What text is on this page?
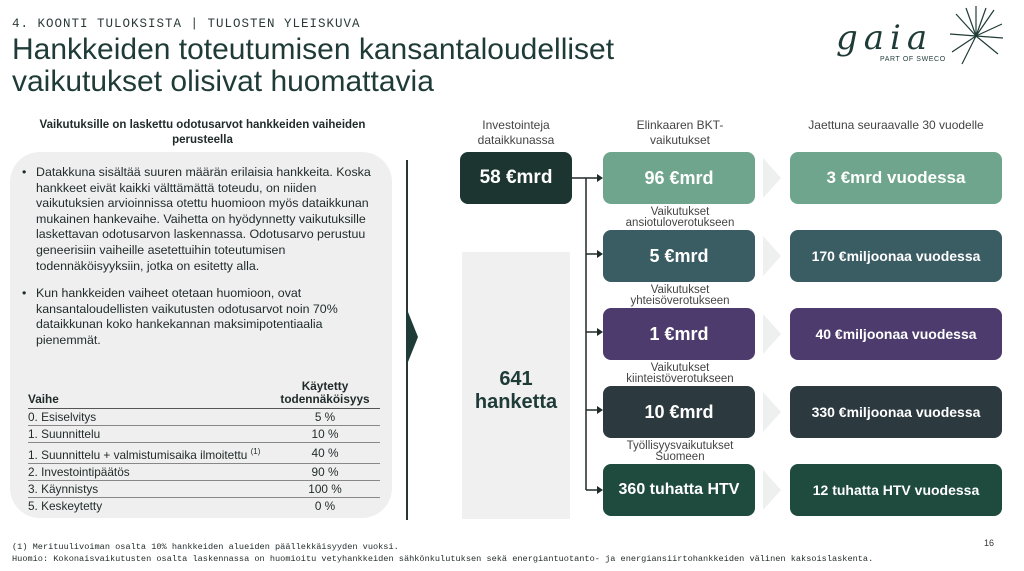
4. KOONTI TULOKSISTA | TULOSTEN YLEISKUVA
Hankkeiden toteutumisen kansantaloudelliset vaikutukset olisivat huomattavia
gaia
PART OF SWECO
Vaikutuksille on laskettu odotusarvot hankkeiden vaiheiden perusteella
• Datakkuna sisältää suuren määrän erilaisia hankkeita. Koska hankkeet eivät kaikki välttämättä toteudu, on niiden vaikutuksien arvioinnissa otettu huomioon myös dataikkunan mukainen hankevaihe. Vaihetta on hyödynnetty vaikutuksille laskettavan odotusarvon laskennassa. Odotusarvo perustuu geneerisiin vaiheille asetettuihin toteutumisen todennäköisyyksiin, jotka on esitetty alla.
• Kun hankkeiden vaiheet otetaan huomioon, ovat kansantaloudellisten vaikutusten odotusarvot noin 70% dataikkunan koko hankekannan maksimipotentiaalia pienemmät.
Vaihe	Käytetty todennäköisyys
0. Esiselvitys	5 %
1. Suunnittelu	10 %
1. Suunnittelu + valmistumisaika ilmoitettu $^{(1)}$	40 %
2. Investointipäätös	90 %
3. Käynnistys	100 %
5. Keskeytetty	0 %
Investointeja dataikkunassa
Elinkaaren BKT-vaikutukset
Jaettuna seuraavalle 30 vuodelle
58 €mrd
641 hanketta
96 €mrd	3 €mrd vuodessa
Vaikutukset ansiotuloverotukseen
5 €mrd	170 €miljoonaa vuodessa
Vaikutukset yhteisöverotukseen
1 €mrd	40 €miljoonaa vuodessa
Vaikutukset kiinteistöverotukseen
10 €mrd	330 €miljoonaa vuodessa
Työllisyysvaikutukset Suomeen
360 tuhatta HTV	12 tuhatta HTV vuodessa
(1) Merituulivoiman osalta 10% hankkeiden alueiden päällekkäisyyden vuoksi.
Huomio: Kokonaisvaikutusten osalta laskennassa on huomioitu vetyhankkeiden sähkönkulutuksen sekä energiantuotanto- ja energiansiirtohankkeiden välinen kaksoislaskenta.
16
